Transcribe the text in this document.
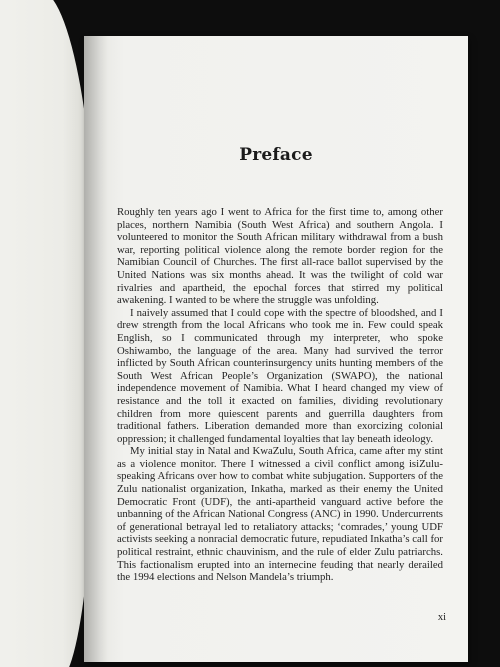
Preface

Roughly ten years ago I went to Africa for the first time to, among other places, northern Namibia (South West Africa) and southern Angola. I volunteered to monitor the South African military withdrawal from a bush war, reporting political violence along the remote border region for the Namibian Council of Churches. The first all-race ballot supervised by the United Nations was six months ahead. It was the twilight of cold war rivalries and apartheid, the epochal forces that stirred my political awakening. I wanted to be where the struggle was unfolding.

I naively assumed that I could cope with the spectre of bloodshed, and I drew strength from the local Africans who took me in. Few could speak English, so I communicated through my interpreter, who spoke Oshiwambo, the language of the area. Many had survived the terror inflicted by South African counterinsurgency units hunting members of the South West African People’s Organization (SWAPO), the national independence movement of Namibia. What I heard changed my view of resistance and the toll it exacted on families, dividing revolutionary children from more quiescent parents and guerrilla daughters from traditional fathers. Liberation demanded more than exorcizing colonial oppression; it challenged fundamental loyalties that lay beneath ideology.

My initial stay in Natal and KwaZulu, South Africa, came after my stint as a violence monitor. There I witnessed a civil conflict among isiZulu-speaking Africans over how to combat white subjugation. Supporters of the Zulu nationalist organization, Inkatha, marked as their enemy the United Democratic Front (UDF), the anti-apartheid vanguard active before the unbanning of the African National Congress (ANC) in 1990. Undercurrents of generational betrayal led to retaliatory attacks; ‘comrades,’ young UDF activists seeking a nonracial democratic future, repudiated Inkatha’s call for political restraint, ethnic chauvinism, and the rule of elder Zulu patriarchs. This factionalism erupted into an internecine feuding that nearly derailed the 1994 elections and Nelson Mandela’s triumph.

xi
